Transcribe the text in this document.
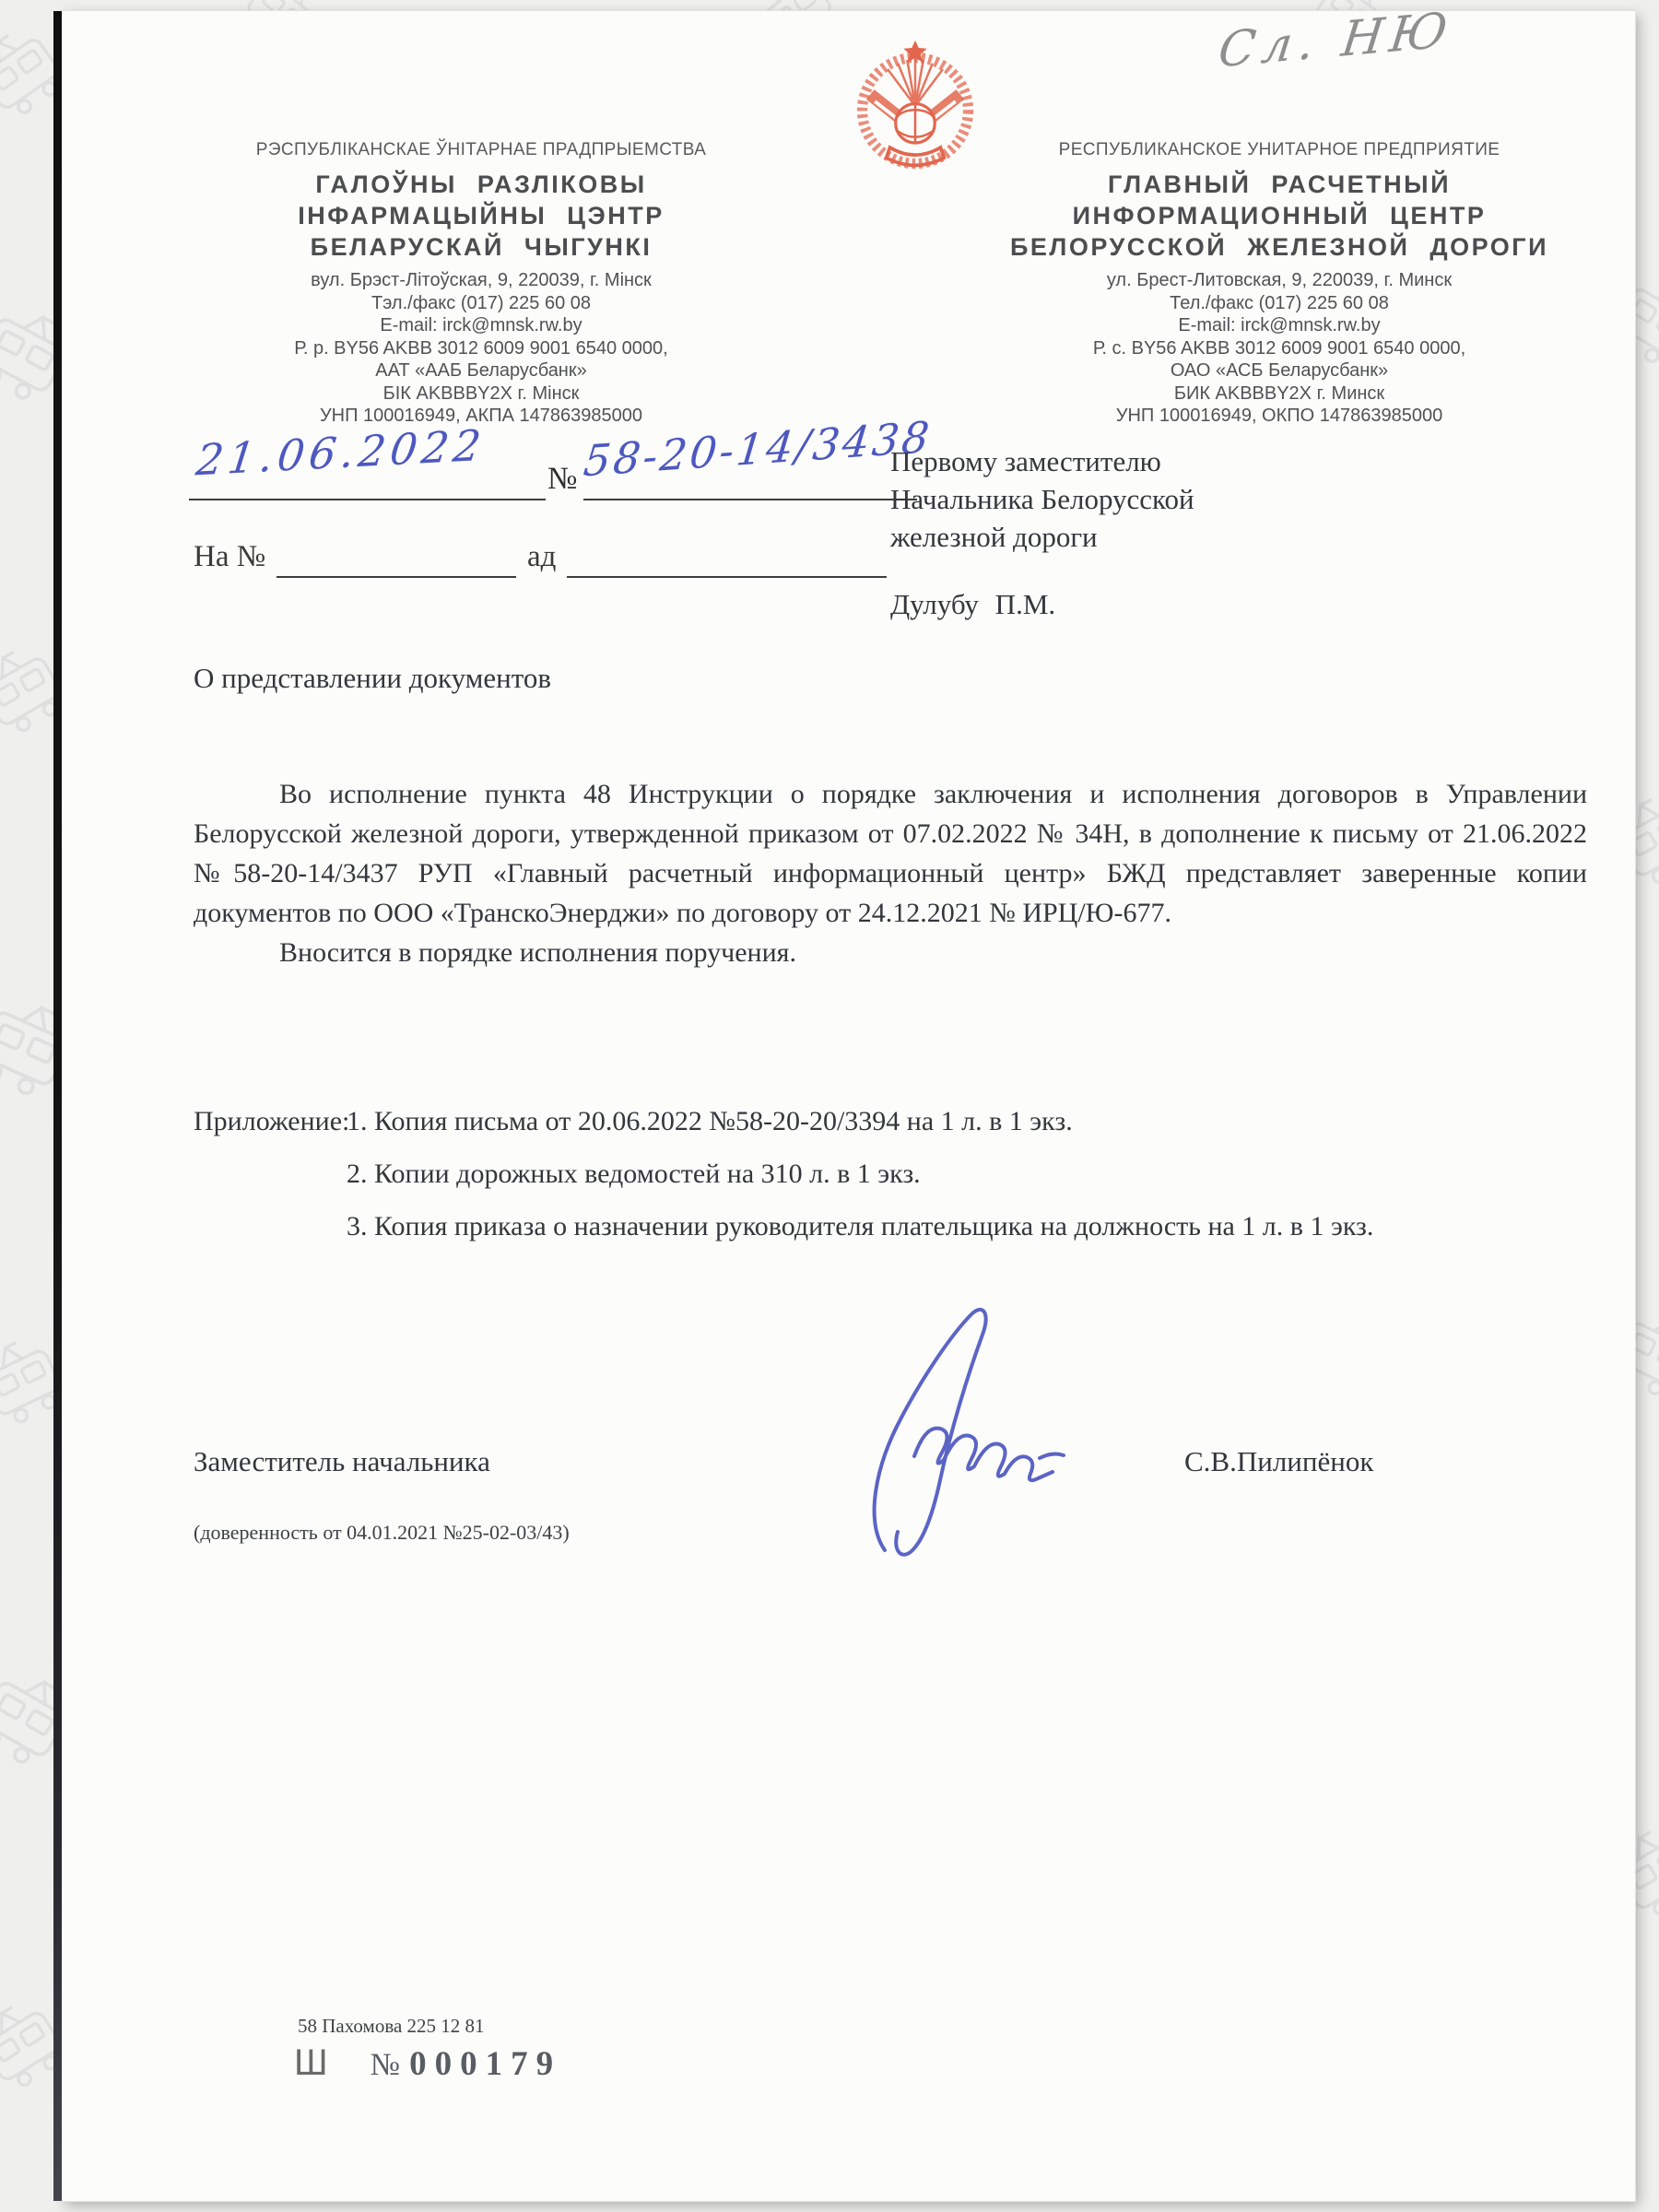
Сл. НЮ
РЭСПУБЛІКАНСКАЕ ЎНІТАРНАЕ ПРАДПРЫЕМСТВА
ГАЛОЎНЫ РАЗЛІКОВЫ
ІНФАРМАЦЫЙНЫ ЦЭНТР
БЕЛАРУСКАЙ ЧЫГУНКІ
вул. Брэст-Літоўская, 9, 220039, г. Мінск
Тэл./факс (017) 225 60 08
E-mail: irck@mnsk.rw.by
Р. р. BY56 AKBB 3012 6009 9001 6540 0000,
ААТ «ААБ Беларусбанк»
БІК AKBBBY2X г. Мінск
УНП 100016949, АКПА 147863985000
РЕСПУБЛИКАНСКОЕ УНИТАРНОЕ ПРЕДПРИЯТИЕ
ГЛАВНЫЙ РАСЧЕТНЫЙ
ИНФОРМАЦИОННЫЙ ЦЕНТР
БЕЛОРУССКОЙ ЖЕЛЕЗНОЙ ДОРОГИ
ул. Брест-Литовская, 9, 220039, г. Минск
Тел./факс (017) 225 60 08
E-mail: irck@mnsk.rw.by
Р. с. BY56 AKBB 3012 6009 9001 6540 0000,
ОАО «АСБ Беларусбанк»
БИК AKBBBY2X г. Минск
УНП 100016949, ОКПО 147863985000
21.06.2022 № 58-20-14/3438
На №	ад
Первому заместителю
Начальника Белорусской
железной дороги
Дулубу П.М.
О представлении документов

Во исполнение пункта 48 Инструкции о порядке заключения и исполнения договоров в Управлении Белорусской железной дороги, утвержденной приказом от 07.02.2022 № 34Н, в дополнение к письму от 21.06.2022 №58-20-14/3437 РУП «Главный расчетный информационный центр» БЖД представляет заверенные копии документов по ООО «ТранскоЭнерджи» по договору от 24.12.2021 № ИРЦ/Ю-677.

Вносится в порядке исполнения поручения.

Приложение:
1. Копия письма от 20.06.2022 №58-20-20/3394 на 1 л. в 1 экз.
2. Копии дорожных ведомостей на 310 л. в 1 экз.
3. Копия приказа о назначении руководителя плательщика на должность на 1 л. в 1 экз.
Заместитель начальника	С.В.Пилипёнок
(доверенность от 04.01.2021 №25-02-03/43)
58 Пахомова 225 12 81
Ш № 000179
